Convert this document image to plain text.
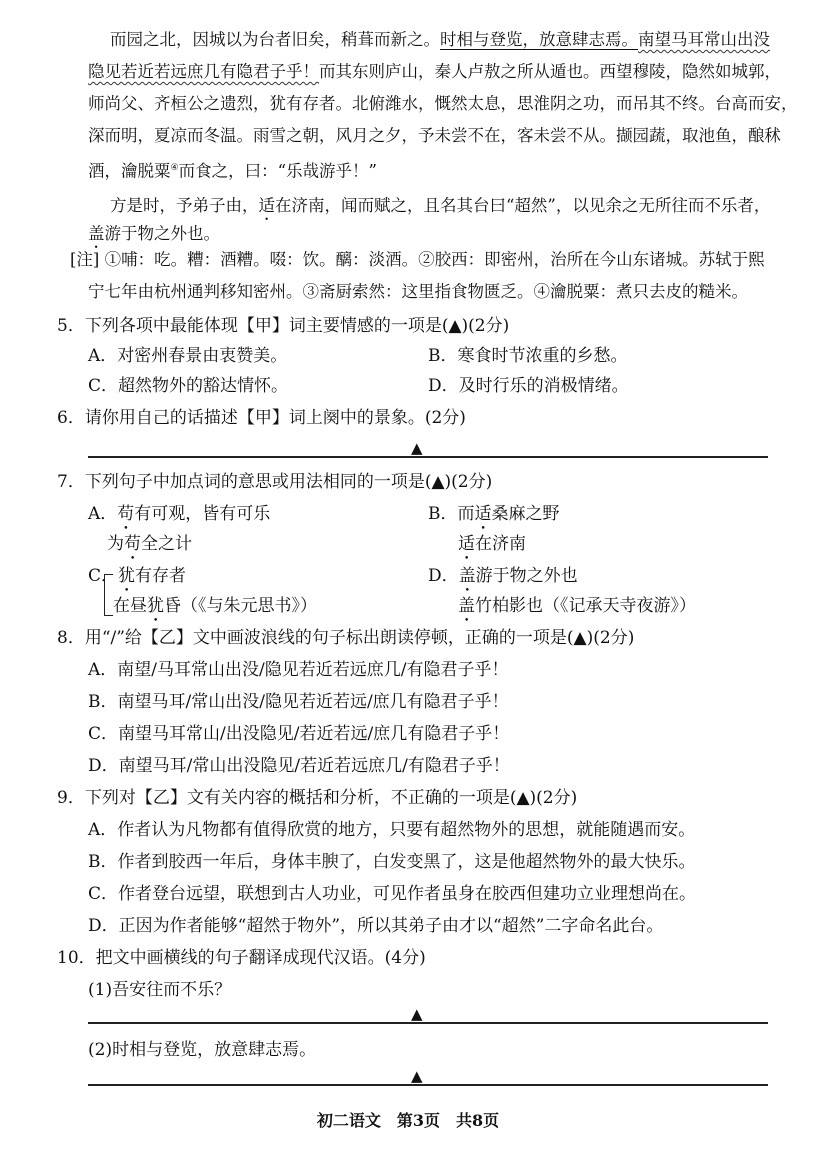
而园之北，因城以为台者旧矣，稍葺而新之。时相与登览，放意肆志焉。南望马耳常山出没
隐见若近若远庶几有隐君子乎！而其东则庐山，秦人卢敖之所从遁也。西望穆陵，隐然如城郭，
师尚父、齐桓公之遗烈，犹有存者。北俯潍水，慨然太息，思淮阴之功，而吊其不终。台高而安，
深而明，夏凉而冬温。雨雪之朝，风月之夕，予未尝不在，客未尝不从。撷园蔬，取池鱼，酿秫
酒，瀹脱粟④而食之，曰：“乐哉游乎！”
方是时，予弟子由，适在济南，闻而赋之，且名其台曰“超然”，以见余之无所往而不乐者，
盖游于物之外也。
[注] ①哺：吃。糟：酒糟。啜：饮。醨：淡酒。②胶西：即密州，治所在今山东诸城。苏轼于熙
宁七年由杭州通判移知密州。③斋厨索然：这里指食物匮乏。④瀹脱粟：煮只去皮的糙米。
5．下列各项中最能体现【甲】词主要情感的一项是(▲)(2分)
A．对密州春景由衷赞美。	B．寒食时节浓重的乡愁。
C．超然物外的豁达情怀。	D．及时行乐的消极情绪。
6．请你用自己的话描述【甲】词上阕中的景象。(2分)
▲
7．下列句子中加点词的意思或用法相同的一项是(▲)(2分)
A．苟有可观，皆有可乐
为苟全之计
B．而适桑麻之野
适在济南
C．犹有存者
在昼犹昏（《与朱元思书》）
D．盖游于物之外也
盖竹柏影也（《记承天寺夜游》）
8．用“/”给【乙】文中画波浪线的句子标出朗读停顿，正确的一项是(▲)(2分)
A．南望/马耳常山出没/隐见若近若远庶几/有隐君子乎！
B．南望马耳/常山出没/隐见若近若远/庶几有隐君子乎！
C．南望马耳常山/出没隐见/若近若远/庶几有隐君子乎！
D．南望马耳/常山出没隐见/若近若远庶几/有隐君子乎！
9．下列对【乙】文有关内容的概括和分析，不正确的一项是(▲)(2分)
A．作者认为凡物都有值得欣赏的地方，只要有超然物外的思想，就能随遇而安。
B．作者到胶西一年后，身体丰腴了，白发变黑了，这是他超然物外的最大快乐。
C．作者登台远望，联想到古人功业，可见作者虽身在胶西但建功立业理想尚在。
D．正因为作者能够“超然于物外”，所以其弟子由才以“超然”二字命名此台。
10．把文中画横线的句子翻译成现代汉语。(4分)
(1)吾安往而不乐？
▲
(2)时相与登览，放意肆志焉。
▲
初二语文　第3页　共8页
